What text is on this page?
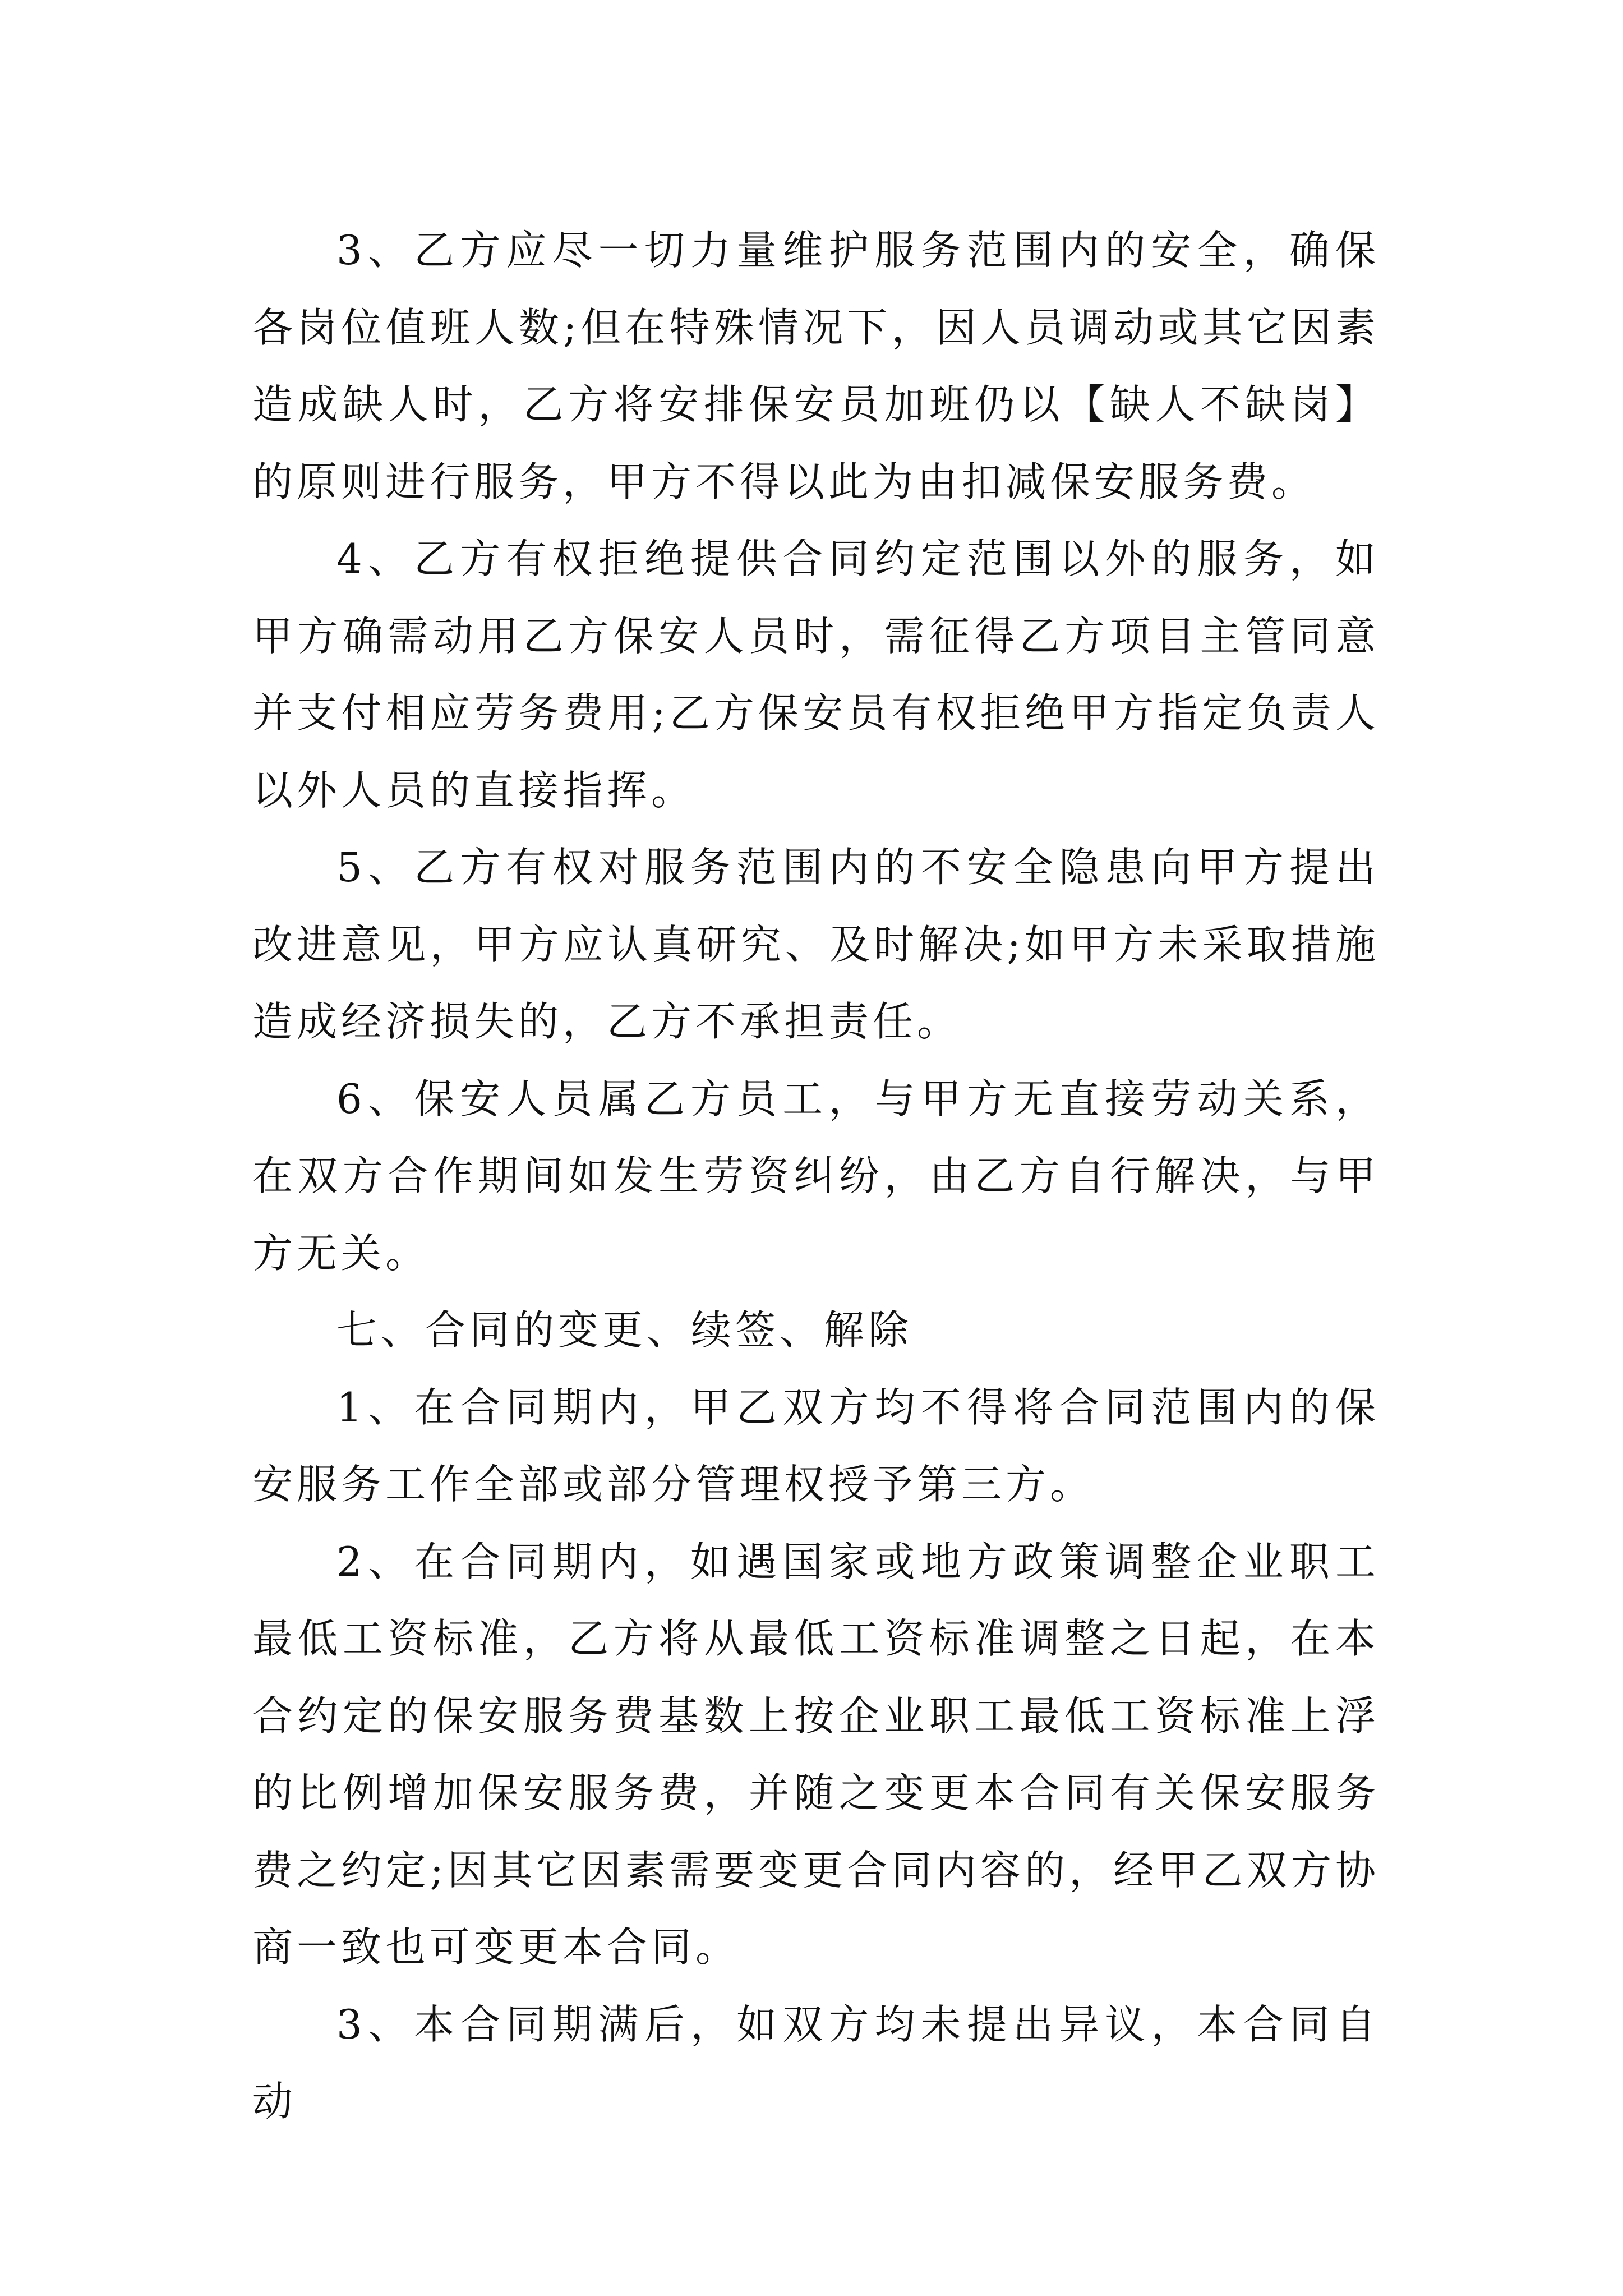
3、乙方应尽一切力量维护服务范围内的安全，确保各岗位值班人数;但在特殊情况下，因人员调动或其它因素造成缺人时，乙方将安排保安员加班仍以【缺人不缺岗】的原则进行服务，甲方不得以此为由扣减保安服务费。

4、乙方有权拒绝提供合同约定范围以外的服务，如甲方确需动用乙方保安人员时，需征得乙方项目主管同意并支付相应劳务费用;乙方保安员有权拒绝甲方指定负责人以外人员的直接指挥。

5、乙方有权对服务范围内的不安全隐患向甲方提出改进意见，甲方应认真研究、及时解决;如甲方未采取措施造成经济损失的，乙方不承担责任。

6、保安人员属乙方员工，与甲方无直接劳动关系，在双方合作期间如发生劳资纠纷，由乙方自行解决，与甲方无关。

七、合同的变更、续签、解除

1、在合同期内，甲乙双方均不得将合同范围内的保安服务工作全部或部分管理权授予第三方。

2、在合同期内，如遇国家或地方政策调整企业职工最低工资标准，乙方将从最低工资标准调整之日起，在本合约定的保安服务费基数上按企业职工最低工资标准上浮的比例增加保安服务费，并随之变更本合同有关保安服务费之约定;因其它因素需要变更合同内容的，经甲乙双方协商一致也可变更本合同。

3、本合同期满后，如双方均未提出异议，本合同自动
